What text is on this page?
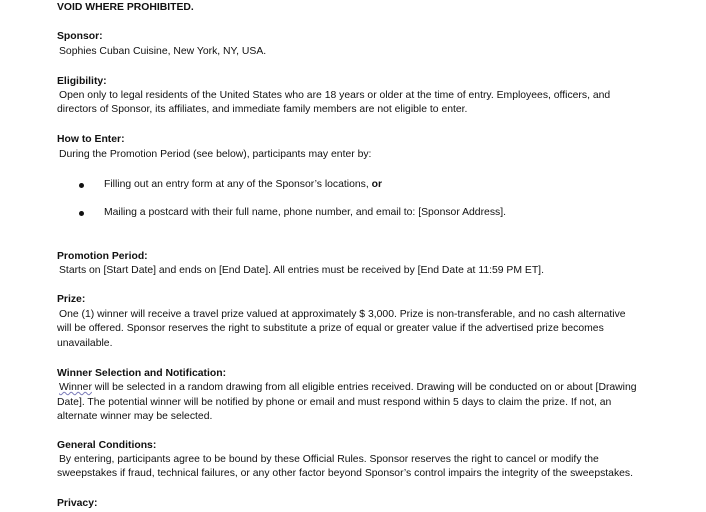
VOID WHERE PROHIBITED.
Sponsor:
Sophies Cuban Cuisine, New York, NY, USA.
Eligibility:
Open only to legal residents of the United States who are 18 years or older at the time of entry. Employees, officers, and
directors of Sponsor, its affiliates, and immediate family members are not eligible to enter.
How to Enter:
During the Promotion Period (see below), participants may enter by:
Filling out an entry form at any of the Sponsor’s locations, or
Mailing a postcard with their full name, phone number, and email to: [Sponsor Address].
Promotion Period:
Starts on [Start Date] and ends on [End Date]. All entries must be received by [End Date at 11:59 PM ET].
Prize:
One (1) winner will receive a travel prize valued at approximately $ 3,000. Prize is non-transferable, and no cash alternative
will be offered. Sponsor reserves the right to substitute a prize of equal or greater value if the advertised prize becomes
unavailable.
Winner Selection and Notification:
Winner will be selected in a random drawing from all eligible entries received. Drawing will be conducted on or about [Drawing
Date]. The potential winner will be notified by phone or email and must respond within 5 days to claim the prize. If not, an
alternate winner may be selected.
General Conditions:
By entering, participants agree to be bound by these Official Rules. Sponsor reserves the right to cancel or modify the
sweepstakes if fraud, technical failures, or any other factor beyond Sponsor’s control impairs the integrity of the sweepstakes.
Privacy:
